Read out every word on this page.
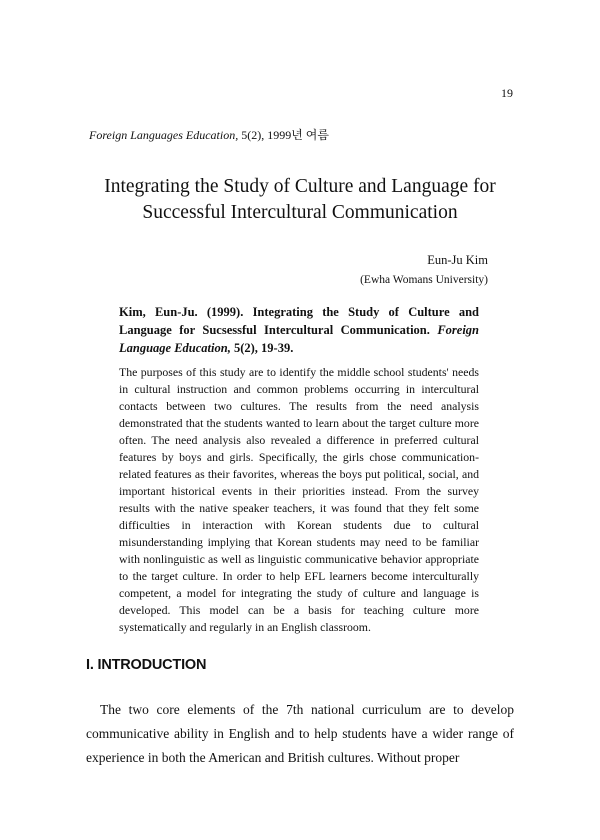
19
Foreign Languages Education, 5(2), 1999년 여름
Integrating the Study of Culture and Language for
Successful Intercultural Communication
Eun-Ju Kim
(Ewha Womans University)

Kim, Eun-Ju. (1999). Integrating the Study of Culture and Language for Sucsessful Intercultural Communication. Foreign Language Education, 5(2), 19-39.

The purposes of this study are to identify the middle school students' needs in cultural instruction and common problems occurring in intercultural contacts between two cultures. The results from the need analysis demonstrated that the students wanted to learn about the target culture more often. The need analysis also revealed a difference in preferred cultural features by boys and girls. Specifically, the girls chose communication-related features as their favorites, whereas the boys put political, social, and important historical events in their priorities instead. From the survey results with the native speaker teachers, it was found that they felt some difficulties in interaction with Korean students due to cultural misunderstanding implying that Korean students may need to be familiar with nonlinguistic as well as linguistic communicative behavior appropriate to the target culture. In order to help EFL learners become interculturally competent, a model for integrating the study of culture and language is developed. This model can be a basis for teaching culture more systematically and regularly in an English classroom.

I. INTRODUCTION

The two core elements of the 7th national curriculum are to develop communicative ability in English and to help students have a wider range of experience in both the American and British cultures. Without proper
